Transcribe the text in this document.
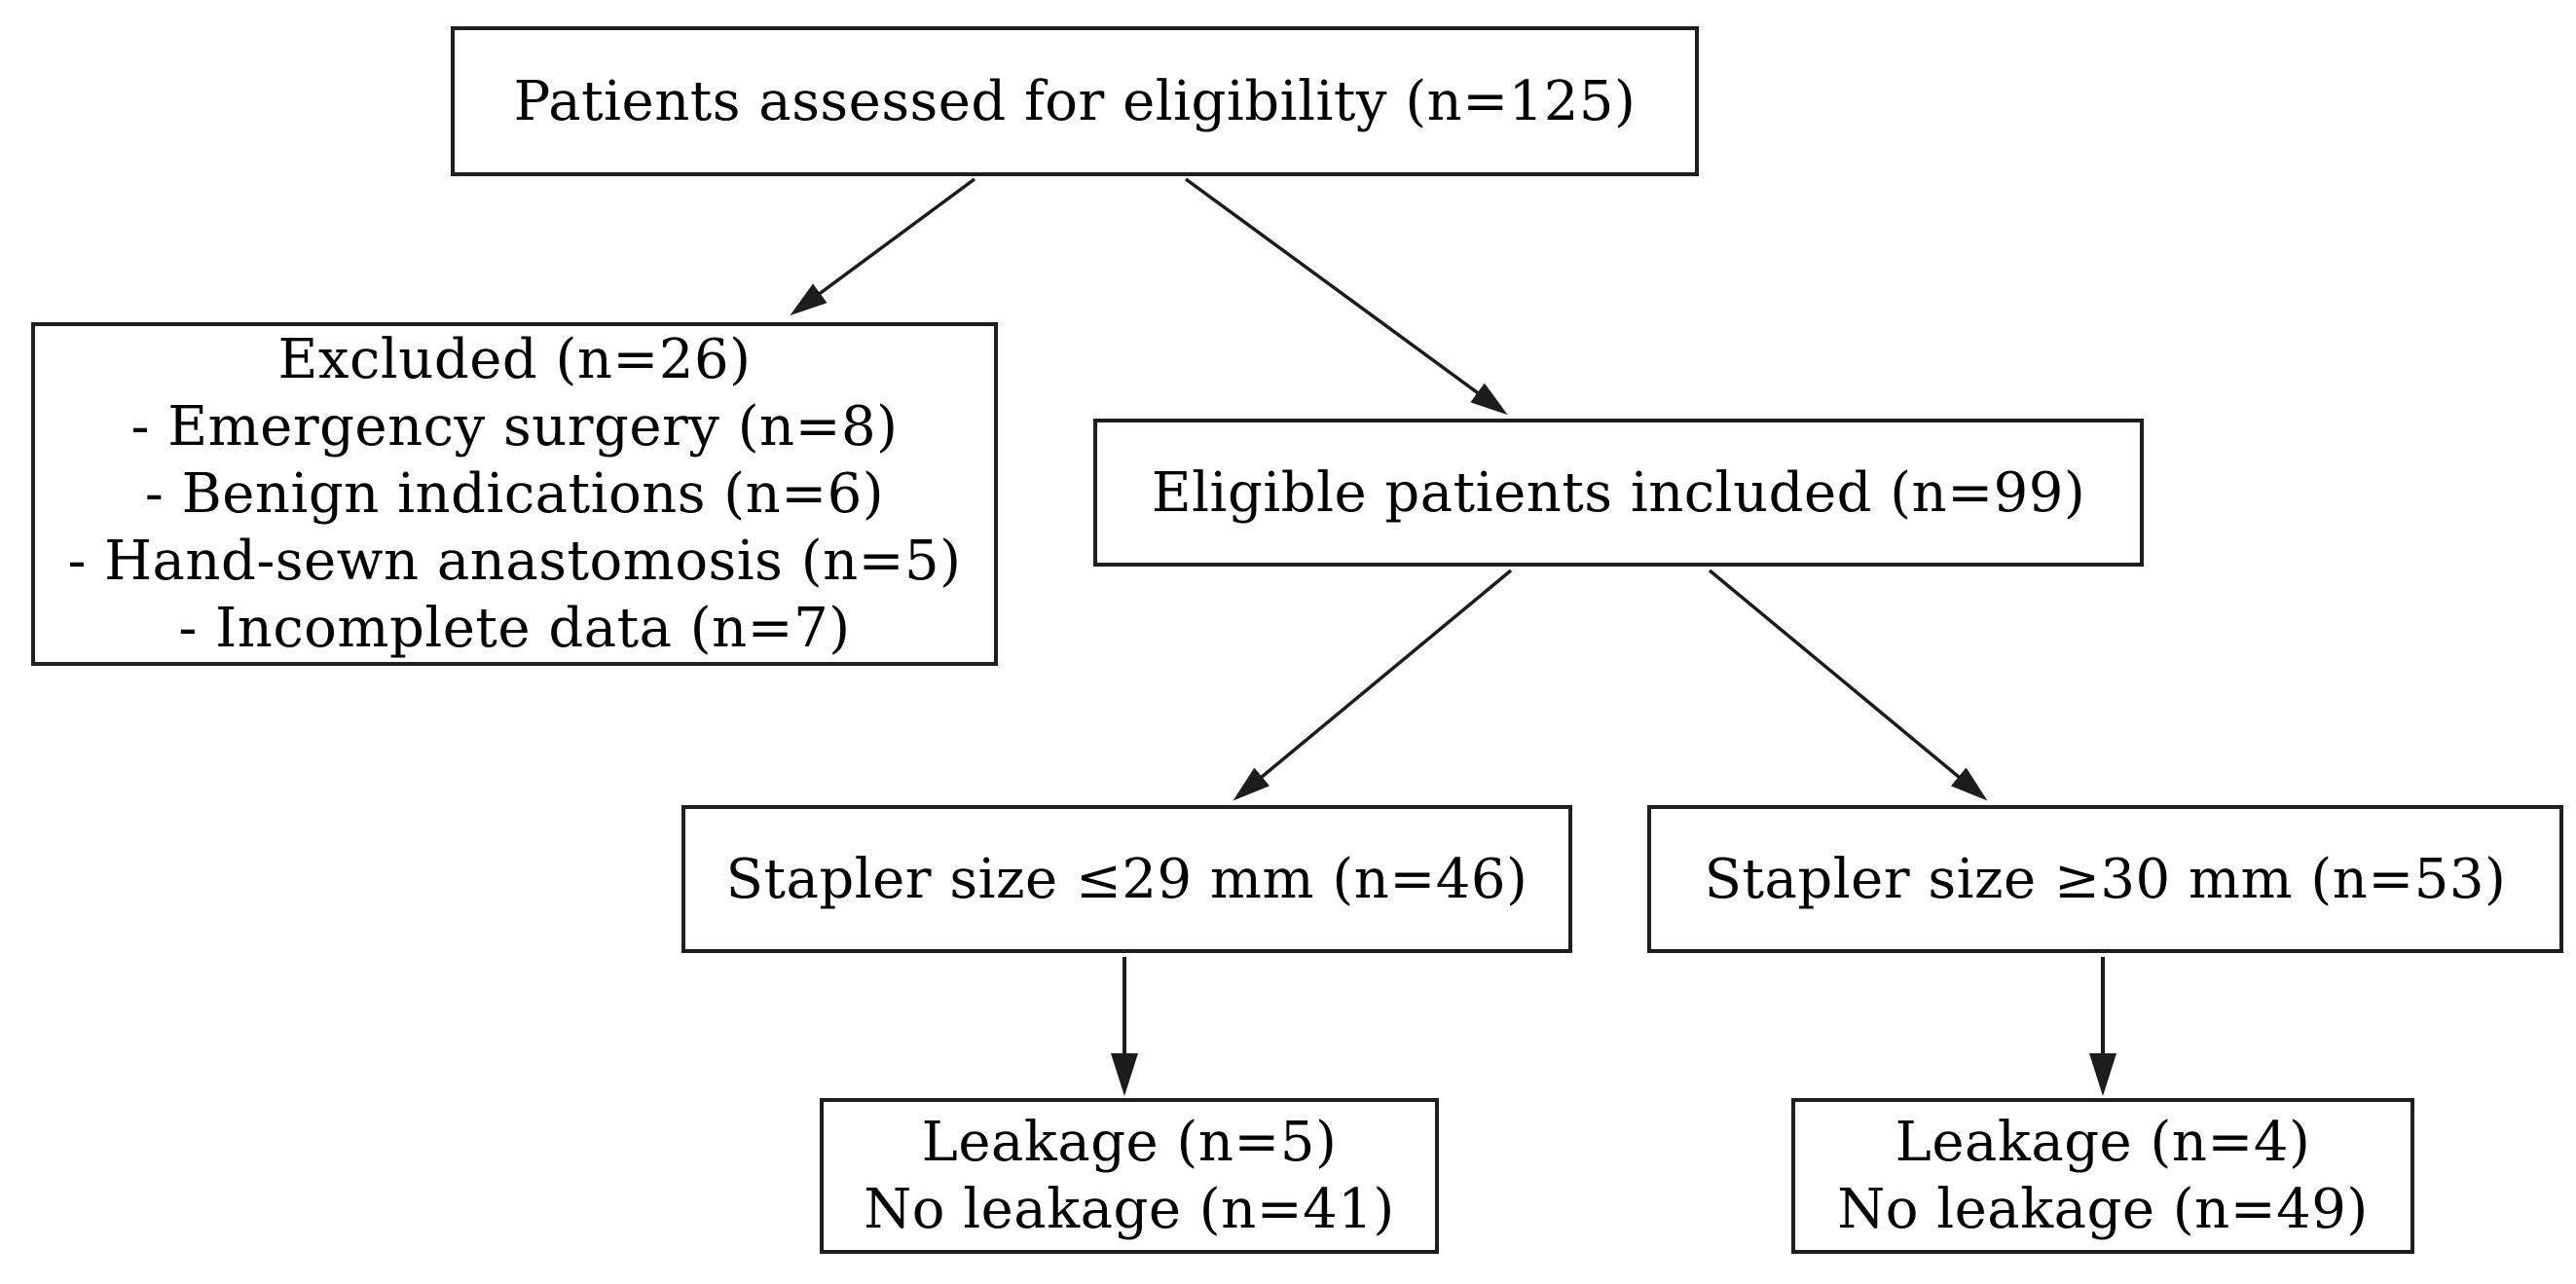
Patients assessed for eligibility (n=125)
Excluded (n=26)
- Emergency surgery (n=8)
- Benign indications (n=6)
- Hand-sewn anastomosis (n=5)
- Incomplete data (n=7)
Eligible patients included (n=99)
Stapler size ≤29 mm (n=46)	Stapler size ≥30 mm (n=53)
Leakage (n=5)
No leakage (n=41)
Leakage (n=4)
No leakage (n=49)
